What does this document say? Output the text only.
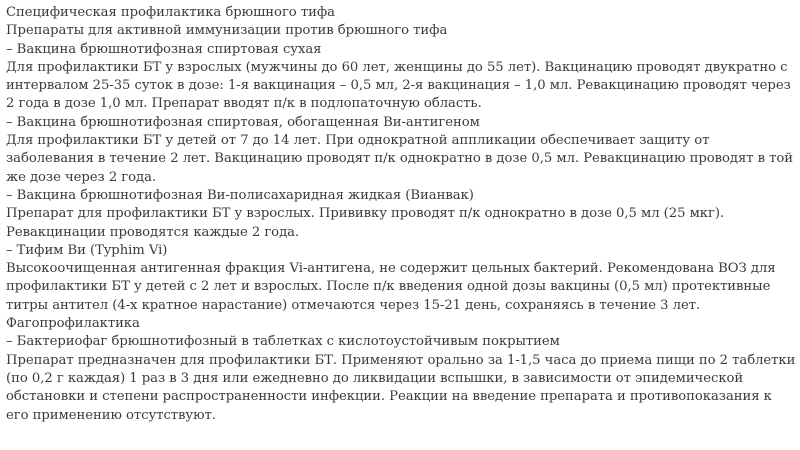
Специфическая профилактика брюшного тифа
Препараты для активной иммунизации против брюшного тифа
– Вакцина брюшнотифозная спиртовая сухая
Для профилактики БТ у взрослых (мужчины до 60 лет, женщины до 55 лет). Вакцинацию проводят двукратно с
интервалом 25-35 суток в дозе: 1-я вакцинация – 0,5 мл, 2-я вакцинация – 1,0 мл. Ревакцинацию проводят через
2 года в дозе 1,0 мл. Препарат вводят п/к в подлопаточную область.
– Вакцина брюшнотифозная спиртовая, обогащенная Ви-антигеном
Для профилактики БТ у детей от 7 до 14 лет. При однократной аппликации обеспечивает защиту от
заболевания в течение 2 лет. Вакцинацию проводят п/к однократно в дозе 0,5 мл. Ревакцинацию проводят в той
же дозе через 2 года.
– Вакцина брюшнотифозная Ви-полисахаридная жидкая (Вианвак)
Препарат для профилактики БТ у взрослых. Прививку проводят п/к однократно в дозе 0,5 мл (25 мкг).
Ревакцинации проводятся каждые 2 года.
– Тифим Ви (Typhim Vi)
Высокоочищенная антигенная фракция Vi-антигена, не содержит цельных бактерий. Рекомендована ВОЗ для
профилактики БТ у детей с 2 лет и взрослых. После п/к введения одной дозы вакцины (0,5 мл) протективные
титры антител (4-х кратное нарастание) отмечаются через 15-21 день, сохраняясь в течение 3 лет.
Фагопрофилактика
– Бактериофаг брюшнотифозный в таблетках с кислотоустойчивым покрытием
Препарат предназначен для профилактики БТ. Применяют орально за 1-1,5 часа до приема пищи по 2 таблетки
(по 0,2 г каждая) 1 раз в 3 дня или ежедневно до ликвидации вспышки, в зависимости от эпидемической
обстановки и степени распространенности инфекции. Реакции на введение препарата и противопоказания к
его применению отсутствуют.
